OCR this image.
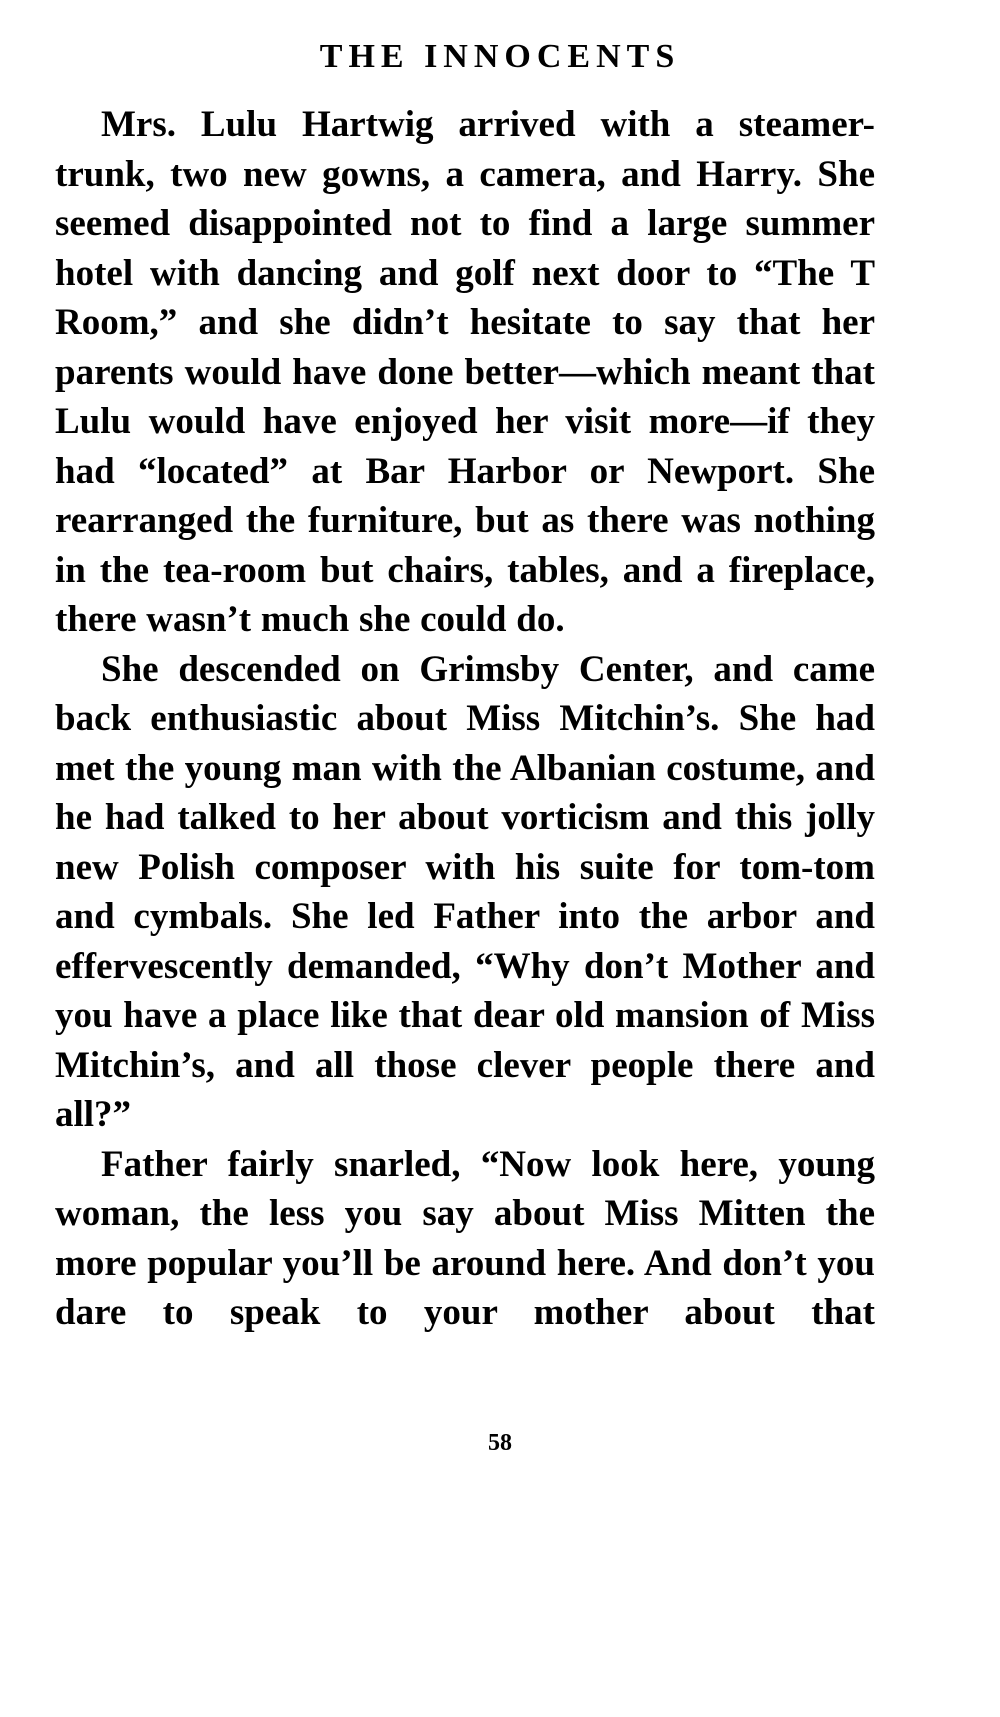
THE INNOCENTS

Mrs. Lulu Hartwig arrived with a steamer-trunk, two new gowns, a camera, and Harry. She seemed disappointed not to find a large summer hotel with dancing and golf next door to “The T Room,” and she didn’t hesitate to say that her parents would have done better—which meant that Lulu would have enjoyed her visit more—if they had “located” at Bar Harbor or Newport. She rearranged the furniture, but as there was nothing in the tea-room but chairs, tables, and a fireplace, there wasn’t much she could do.

She descended on Grimsby Center, and came back enthusiastic about Miss Mitchin’s. She had met the young man with the Albanian costume, and he had talked to her about vorticism and this jolly new Polish composer with his suite for tom-tom and cymbals. She led Father into the arbor and effervescently demanded, “Why don’t Mother and you have a place like that dear old mansion of Miss Mitchin’s, and all those clever people there and all?”

Father fairly snarled, “Now look here, young woman, the less you say about Miss Mitten the more popular you’ll be around here. And don’t you dare to speak to your mother about that

58
